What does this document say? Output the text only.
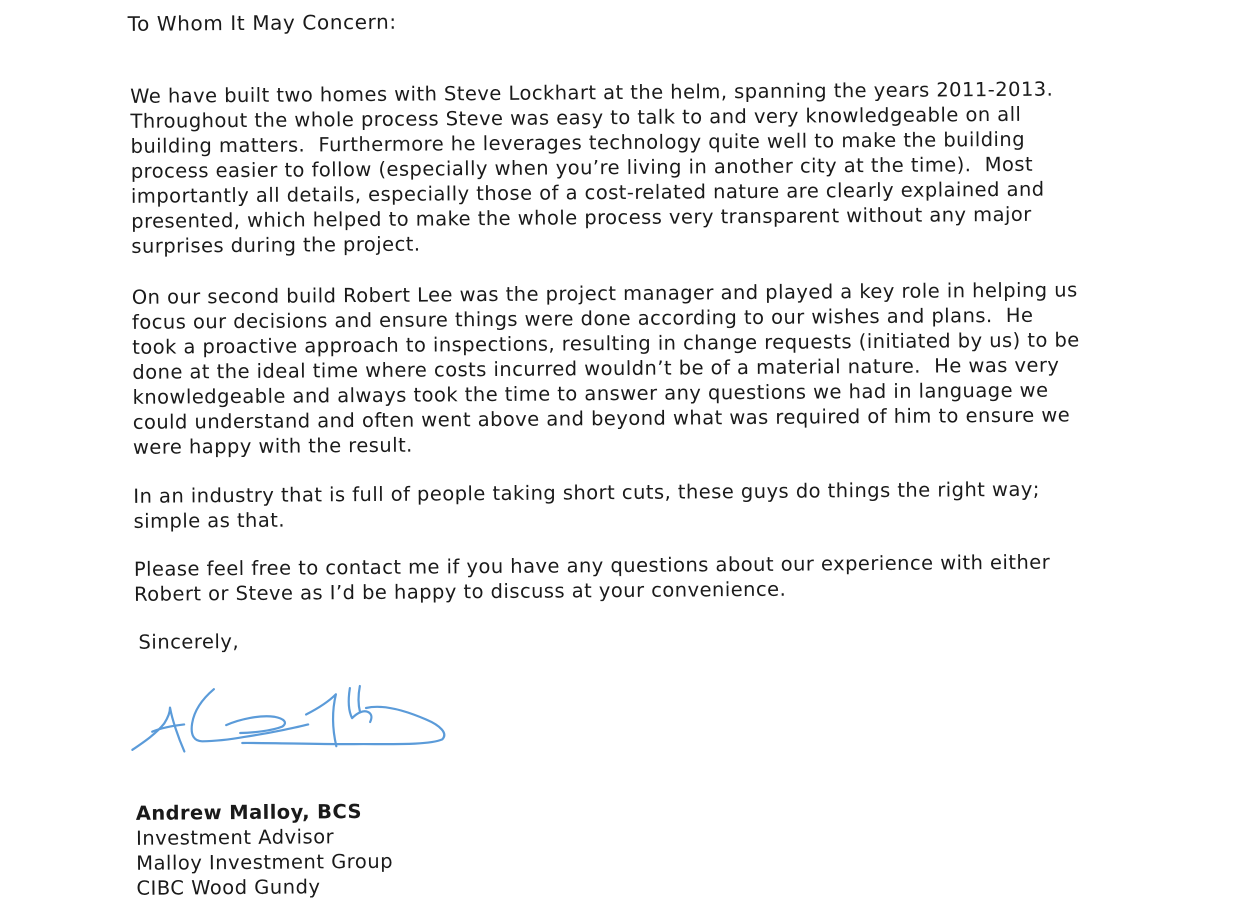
To Whom It May Concern:

We have built two homes with Steve Lockhart at the helm, spanning the years 2011-2013.
Throughout the whole process Steve was easy to talk to and very knowledgeable on all
building matters.  Furthermore he leverages technology quite well to make the building
process easier to follow (especially when you’re living in another city at the time).  Most
importantly all details, especially those of a cost-related nature are clearly explained and
presented, which helped to make the whole process very transparent without any major
surprises during the project.

On our second build Robert Lee was the project manager and played a key role in helping us
focus our decisions and ensure things were done according to our wishes and plans.  He
took a proactive approach to inspections, resulting in change requests (initiated by us) to be
done at the ideal time where costs incurred wouldn’t be of a material nature.  He was very
knowledgeable and always took the time to answer any questions we had in language we
could understand and often went above and beyond what was required of him to ensure we
were happy with the result.

In an industry that is full of people taking short cuts, these guys do things the right way;
simple as that.

Please feel free to contact me if you have any questions about our experience with either
Robert or Steve as I’d be happy to discuss at your convenience.

Sincerely,

Andrew Malloy, BCS
Investment Advisor
Malloy Investment Group
CIBC Wood Gundy
